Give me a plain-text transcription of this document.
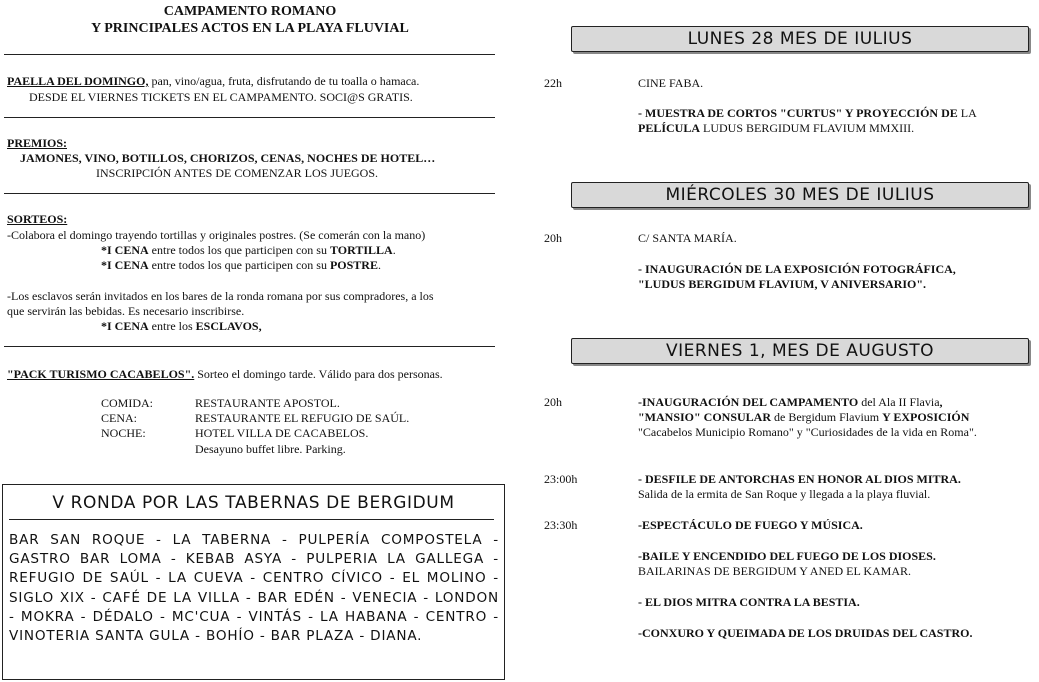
CAMPAMENTO ROMANO
Y PRINCIPALES ACTOS EN LA PLAYA FLUVIAL
PAELLA DEL DOMINGO, pan, vino/agua, fruta, disfrutando de tu toalla o hamaca.
DESDE EL VIERNES TICKETS EN EL CAMPAMENTO. SOCI@S GRATIS.
PREMIOS:
JAMONES, VINO, BOTILLOS, CHORIZOS, CENAS, NOCHES DE HOTEL…
INSCRIPCIÓN ANTES DE COMENZAR LOS JUEGOS.
SORTEOS:
-Colabora el domingo trayendo tortillas y originales postres. (Se comerán con la mano)
*I CENA entre todos los que participen con su TORTILLA.
*I CENA entre todos los que participen con su POSTRE.
-Los esclavos serán invitados en los bares de la ronda romana por sus compradores, a los
que servirán las bebidas. Es necesario inscribirse.
*I CENA entre los ESCLAVOS,
"PACK TURISMO CACABELOS". Sorteo el domingo tarde. Válido para dos personas.
COMIDA:	RESTAURANTE APOSTOL.
CENA:	RESTAURANTE EL REFUGIO DE SAÚL.
NOCHE:	HOTEL VILLA DE CACABELOS.
Desayuno buffet libre. Parking.
V RONDA POR LAS TABERNAS DE BERGIDUM
BAR SAN ROQUE - LA TABERNA - PULPERÍA COMPOSTELA - GASTRO BAR LOMA - KEBAB ASYA - PULPERIA LA GALLEGA - REFUGIO DE SAÚL - LA CUEVA - CENTRO CÍVICO - EL MOLINO - SIGLO XIX - CAFÉ DE LA VILLA - BAR EDÉN - VENECIA - LONDON - MOKRA - DÉDALO - MC'CUA - VINTÁS - LA HABANA - CENTRO - VINOTERIA SANTA GULA - BOHÍO - BAR PLAZA - DIANA.
LUNES 28 MES DE IULIUS
22h	CINE FABA.
- MUESTRA DE CORTOS "CURTUS" Y PROYECCIÓN DE LA
PELÍCULA LUDUS BERGIDUM FLAVIUM MMXIII.
MIÉRCOLES 30 MES DE IULIUS
20h	C/ SANTA MARÍA.
- INAUGURACIÓN DE LA EXPOSICIÓN FOTOGRÁFICA,
"LUDUS BERGIDUM FLAVIUM, V ANIVERSARIO".
VIERNES 1, MES DE AUGUSTO
20h	-INAUGURACIÓN DEL CAMPAMENTO del Ala II Flavia,
"MANSIO" CONSULAR de Bergidum Flavium Y EXPOSICIÓN
"Cacabelos Municipio Romano" y "Curiosidades de la vida en Roma".
23:00h	- DESFILE DE ANTORCHAS EN HONOR AL DIOS MITRA.
Salida de la ermita de San Roque y llegada a la playa fluvial.
23:30h	-ESPECTÁCULO DE FUEGO Y MÚSICA.
-BAILE Y ENCENDIDO DEL FUEGO DE LOS DIOSES.
BAILARINAS DE BERGIDUM Y ANED EL KAMAR.
- EL DIOS MITRA CONTRA LA BESTIA.
-CONXURO Y QUEIMADA DE LOS DRUIDAS DEL CASTRO.
